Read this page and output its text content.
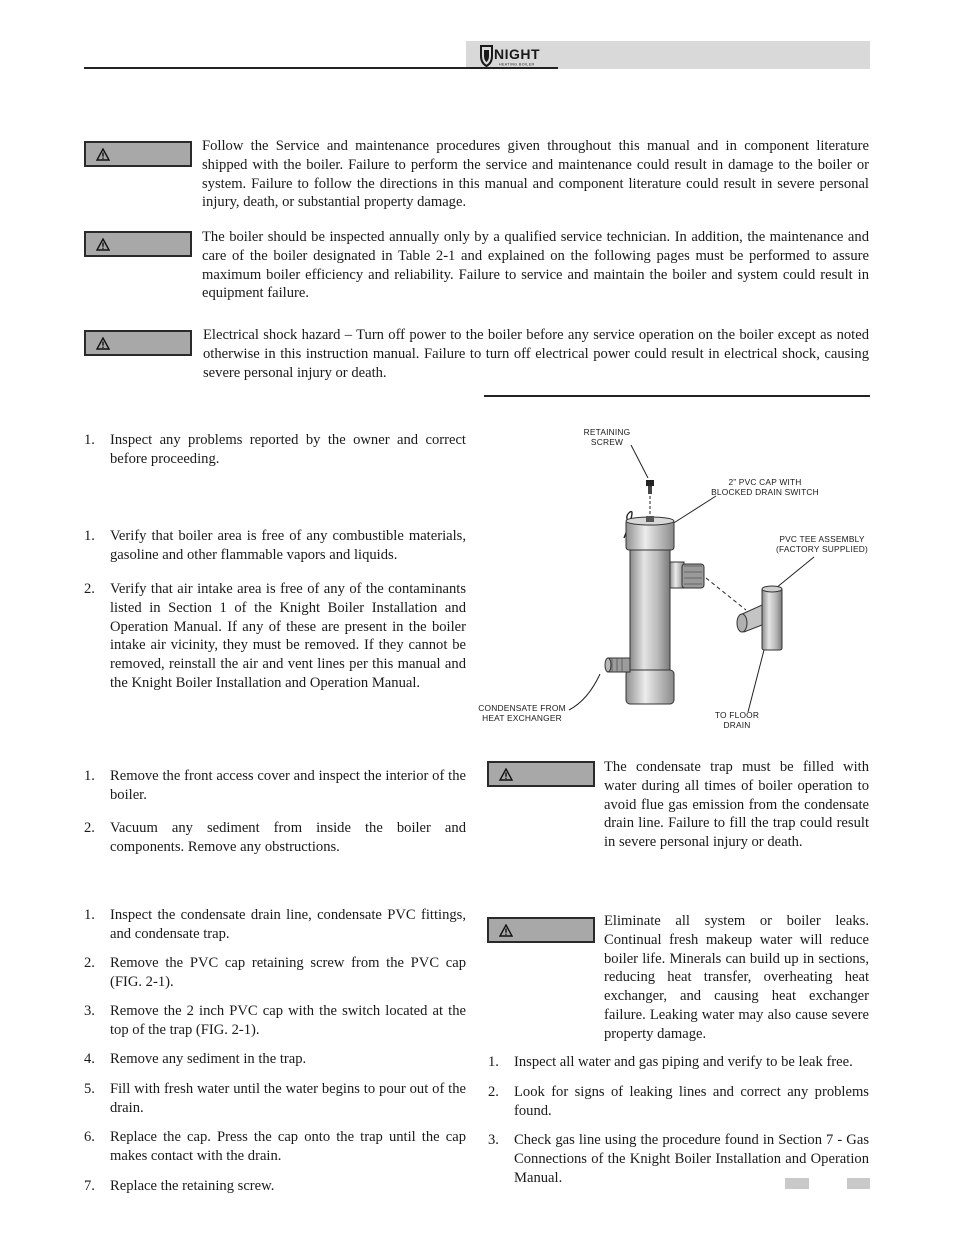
NIGHT
HEATING BOILER

Follow the Service and maintenance procedures given throughout this manual and in component literature shipped with the boiler. Failure to perform the service and maintenance could result in damage to the boiler or system. Failure to follow the directions in this manual and component literature could result in severe personal injury, death, or substantial property damage.

The boiler should be inspected annually only by a qualified service technician. In addition, the maintenance and care of the boiler designated in Table 2-1 and explained on the following pages must be performed to assure maximum boiler efficiency and reliability. Failure to service and maintain the boiler and system could result in equipment failure.

Electrical shock hazard – Turn off power to the boiler before any service operation on the boiler except as noted otherwise in this instruction manual. Failure to turn off electrical power could result in electrical shock, causing severe personal injury or death.

1. Inspect any problems reported by the owner and correct before proceeding.
1. Verify that boiler area is free of any combustible materials, gasoline and other flammable vapors and liquids.
2. Verify that air intake area is free of any of the contaminants listed in Section 1 of the Knight Boiler Installation and Operation Manual. If any of these are present in the boiler intake air vicinity, they must be removed. If they cannot be removed, reinstall the air and vent lines per this manual and the Knight Boiler Installation and Operation Manual.
1. Remove the front access cover and inspect the interior of the boiler.
2. Vacuum any sediment from inside the boiler and components. Remove any obstructions.
1. Inspect the condensate drain line, condensate PVC fittings, and condensate trap.
2. Remove the PVC cap retaining screw from the PVC cap (FIG. 2-1).
3. Remove the 2 inch PVC cap with the switch located at the top of the trap (FIG. 2-1).
4. Remove any sediment in the trap.
5. Fill with fresh water until the water begins to pour out of the drain.
6. Replace the cap. Press the cap onto the trap until the cap makes contact with the drain.
7. Replace the retaining screw.
RETAINING
SCREW
2” PVC CAP WITH
BLOCKED DRAIN SWITCH
PVC TEE ASSEMBLY
(FACTORY SUPPLIED)
CONDENSATE FROM
HEAT EXCHANGER	TO FLOOR
DRAIN

The condensate trap must be filled with water during all times of boiler operation to avoid flue gas emission from the condensate drain line. Failure to fill the trap could result in severe personal injury or death.

Eliminate all system or boiler leaks. Continual fresh makeup water will reduce boiler life. Minerals can build up in sections, reducing heat transfer, overheating heat exchanger, and causing heat exchanger failure. Leaking water may also cause severe property damage.

1. Inspect all water and gas piping and verify to be leak free.
2. Look for signs of leaking lines and correct any problems found.
3. Check gas line using the procedure found in Section 7 - Gas Connections of the Knight Boiler Installation and Operation Manual.
